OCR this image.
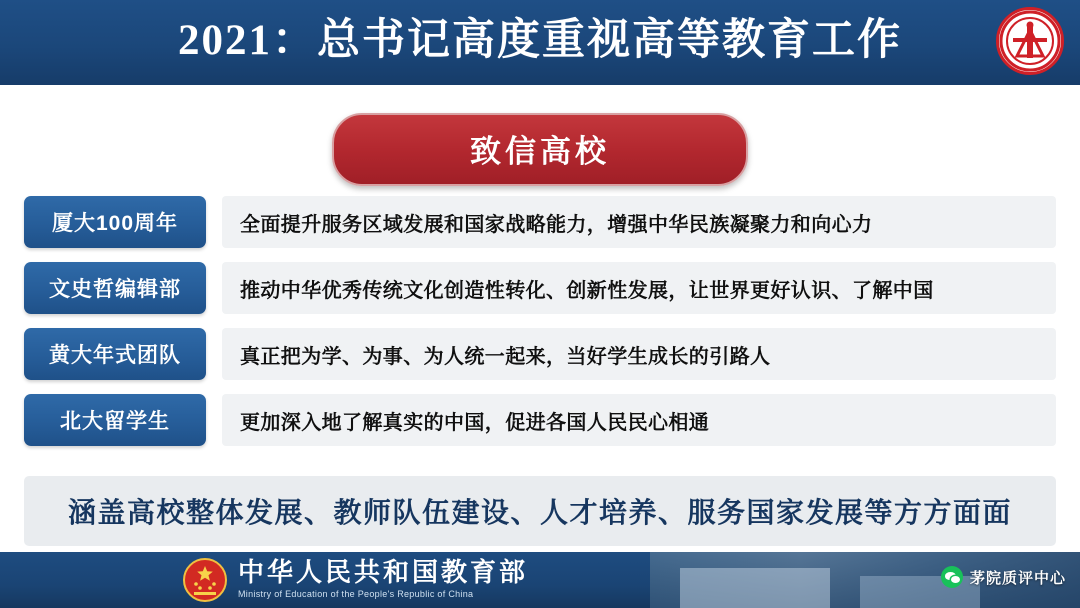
2021：总书记高度重视高等教育工作
致信高校
厦大100周年	全面提升服务区域发展和国家战略能力，增强中华民族凝聚力和向心力
文史哲编辑部	推动中华优秀传统文化创造性转化、创新性发展，让世界更好认识、了解中国
黄大年式团队	真正把为学、为事、为人统一起来，当好学生成长的引路人
北大留学生	更加深入地了解真实的中国，促进各国人民民心相通
涵盖高校整体发展、教师队伍建设、人才培养、服务国家发展等方方面面
中华人民共和国教育部
Ministry of Education of the People's Republic of China
茅院质评中心
